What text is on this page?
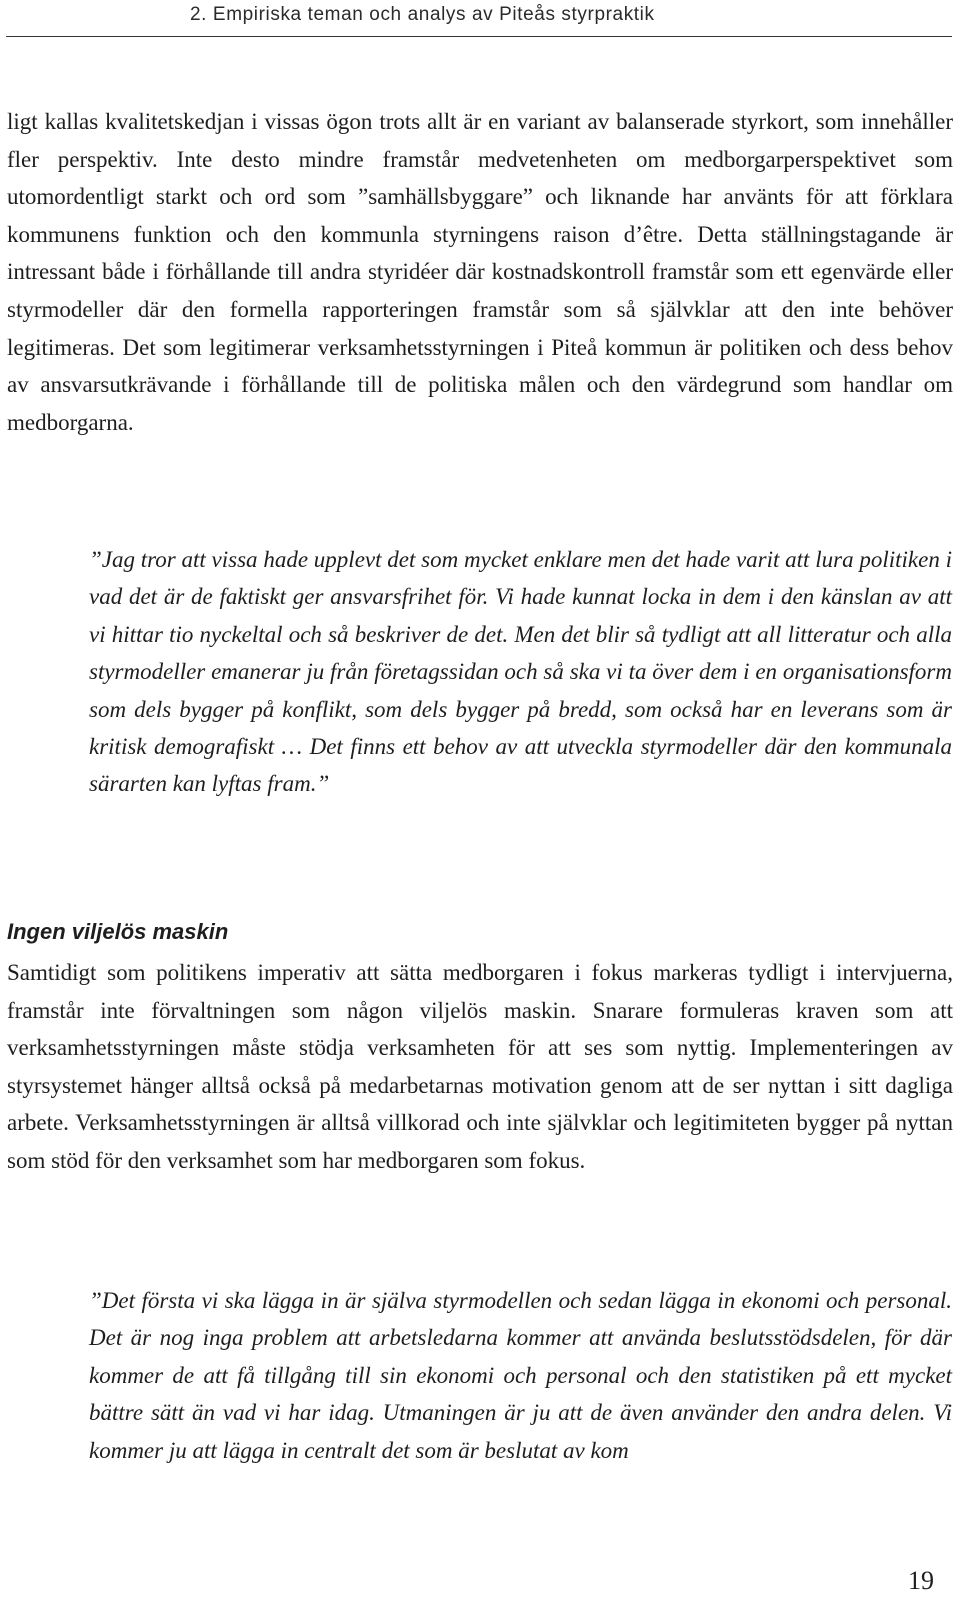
2. Empiriska teman och analys av Piteås styrpraktik

ligt kallas kvalitetskedjan i vissas ögon trots allt är en variant av balanserade styrkort, som innehåller fler perspektiv. Inte desto mindre framstår medvetenheten om medborgarperspektivet som utomordentligt starkt och ord som ”samhällsbyggare” och liknande har använts för att förklara kommunens funktion och den kommunla styrningens raison d’être. Detta ställningstagande är intressant både i förhållande till andra styridéer där kostnadskontroll framstår som ett egenvärde eller styrmodeller där den formella rapporteringen framstår som så självklar att den inte behöver legitimeras. Det som legitimerar verksamhetsstyrningen i Piteå kommun är politiken och dess behov av ansvarsutkrävande i förhållande till de politiska målen och den värdegrund som handlar om medborgarna.

”Jag tror att vissa hade upplevt det som mycket enklare men det hade varit att lura politiken i vad det är de faktiskt ger ansvarsfrihet för. Vi hade kunnat locka in dem i den känslan av att vi hittar tio nyckeltal och så beskriver de det. Men det blir så tydligt att all litteratur och alla styrmodeller emanerar ju från företagssidan och så ska vi ta över dem i en organisationsform som dels bygger på konflikt, som dels bygger på bredd, som också har en leverans som är kritisk demografiskt … Det finns ett behov av att utveckla styrmodeller där den kommunala särarten kan lyftas fram.”

Ingen viljelös maskin

Samtidigt som politikens imperativ att sätta medborgaren i fokus markeras tydligt i intervjuerna, framstår inte förvaltningen som någon viljelös maskin. Snarare formuleras kraven som att verksamhetsstyrningen måste stödja verksamheten för att ses som nyttig. Implementeringen av styrsystemet hänger alltså också på medarbetarnas motivation genom att de ser nyttan i sitt dagliga arbete. Verksamhetsstyrningen är alltså villkorad och inte självklar och legitimiteten bygger på nyttan som stöd för den verksamhet som har medborgaren som fokus.

”Det första vi ska lägga in är själva styrmodellen och sedan lägga in ekonomi och personal. Det är nog inga problem att arbetsledarna kommer att använda beslutsstödsdelen, för där kommer de att få tillgång till sin ekonomi och personal och den statistiken på ett mycket bättre sätt än vad vi har idag. Utmaningen är ju att de även använder den andra delen. Vi kommer ju att lägga in centralt det som är beslutat av kom

19
